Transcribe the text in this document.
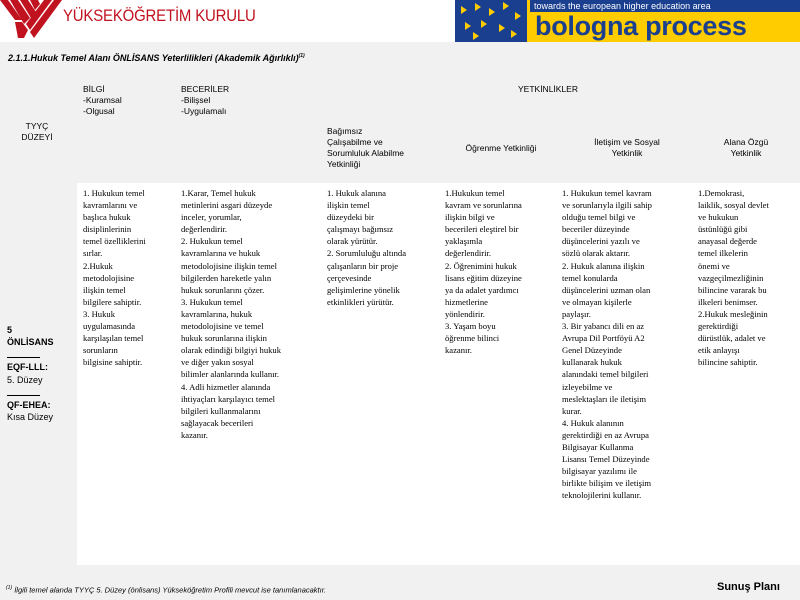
YÜKSEKÖĞRETİM KURULU	towards the european higher education area
bologna process
2.1.1.Hukuk Temel Alanı ÖNLİSANS Yeterlilikleri (Akademik Ağırlıklı)$^{(1)}$
TYYÇ
DÜZEYİ
BİLGİ
-Kuramsal
-Olgusal
BECERİLER
-Bilişsel
-Uygulamalı
YETKİNLİKLER
Bağımsız
Çalışabilme ve
Sorumluluk Alabilme
Yetkinliği
Öğrenme Yetkinliği
İletişim ve Sosyal
Yetkinlik
Alana Özgü
Yetkinlik
5
ÖNLİSANS
EQF-LLL:
5. Düzey
QF-EHEA:
Kısa Düzey
1. Hukukun temel
kavramlarını ve
başlıca hukuk
disiplinlerinin
temel özelliklerini
sırlar.
2.Hukuk
metodolojisine
ilişkin temel
bilgilere sahiptir.
3. Hukuk
uygulamasında
karşılaşılan temel
sorunların
bilgisine sahiptir.
1.Karar, Temel hukuk
metinlerini asgari düzeyde
inceler, yorumlar,
değerlendirir.
2. Hukukun temel
kavramlarına ve hukuk
metodolojisine ilişkin temel
bilgilerden hareketle yalın
hukuk sorunlarını çözer.
3. Hukukun temel
kavramlarına, hukuk
metodolojisine ve temel
hukuk sorunlarına ilişkin
olarak edindiği bilgiyi hukuk
ve diğer yakın sosyal
bilimler alanlarında kullanır.
4. Adli hizmetler alanında
ihtiyaçları karşılayıcı temel
bilgileri kullanmalarını
sağlayacak becerileri
kazanır.
1. Hukuk alanına
ilişkin temel
düzeydeki bir
çalışmayı bağımsız
olarak yürütür.
2. Sorumluluğu altında
çalışanların bir proje
çerçevesinde
gelişimlerine yönelik
etkinlikleri yürütür.
1.Hukukun temel
kavram ve sorunlarına
ilişkin bilgi ve
becerileri eleştirel bir
yaklaşımla
değerlendirir.
2. Öğrenimini hukuk
lisans eğitim düzeyine
ya da adalet yardımcı
hizmetlerine
yönlendirir.
3. Yaşam boyu
öğrenme bilinci
kazanır.
1. Hukukun temel kavram
ve sorunlarıyla ilgili sahip
olduğu temel bilgi ve
beceriler düzeyinde
düşüncelerini yazılı ve
sözlü olarak aktarır.
2. Hukuk alanına ilişkin
temel konularda
düşüncelerini uzman olan
ve olmayan kişilerle
paylaşır.
3. Bir yabancı dili en az
Avrupa Dil Portföyü A2
Genel Düzeyinde
kullanarak hukuk
alanındaki temel bilgileri
izleyebilme ve
meslektaşları ile iletişim
kurar.
4. Hukuk alanının
gerektirdiği en az Avrupa
Bilgisayar Kullanma
Lisansı Temel Düzeyinde
bilgisayar yazılımı ile
birlikte bilişim ve iletişim
teknolojilerini kullanır.
1.Demokrasi,
laiklik, sosyal devlet
ve hukukun
üstünlüğü gibi
anayasal değerde
temel ilkelerin
önemi ve
vazgeçilmezliğinin
bilincine vararak bu
ilkeleri benimser.
2.Hukuk mesleğinin
gerektirdiği
dürüstlük, adalet ve
etik anlayışı
bilincine sahiptir.
$^{(1)}$ İlgili temel alanda TYYÇ 5. Düzey (önlisans) Yükseköğretim Profili mevcut ise tanımlanacaktır.	Sunuş Planı
